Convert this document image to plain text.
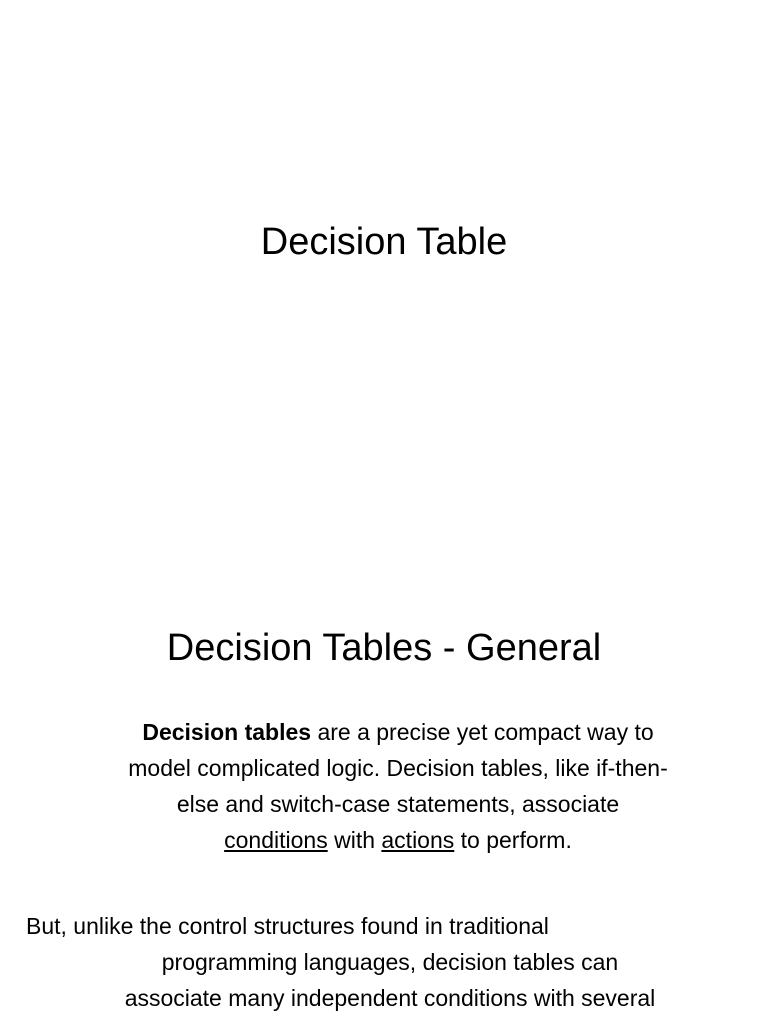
Decision Table
Decision Tables - General
Decision tables are a precise yet compact way to
model complicated logic. Decision tables, like if-then-
else and switch-case statements, associate
conditions with actions to perform.
But, unlike the control structures found in traditional
programming languages, decision tables can
associate many independent conditions with several
